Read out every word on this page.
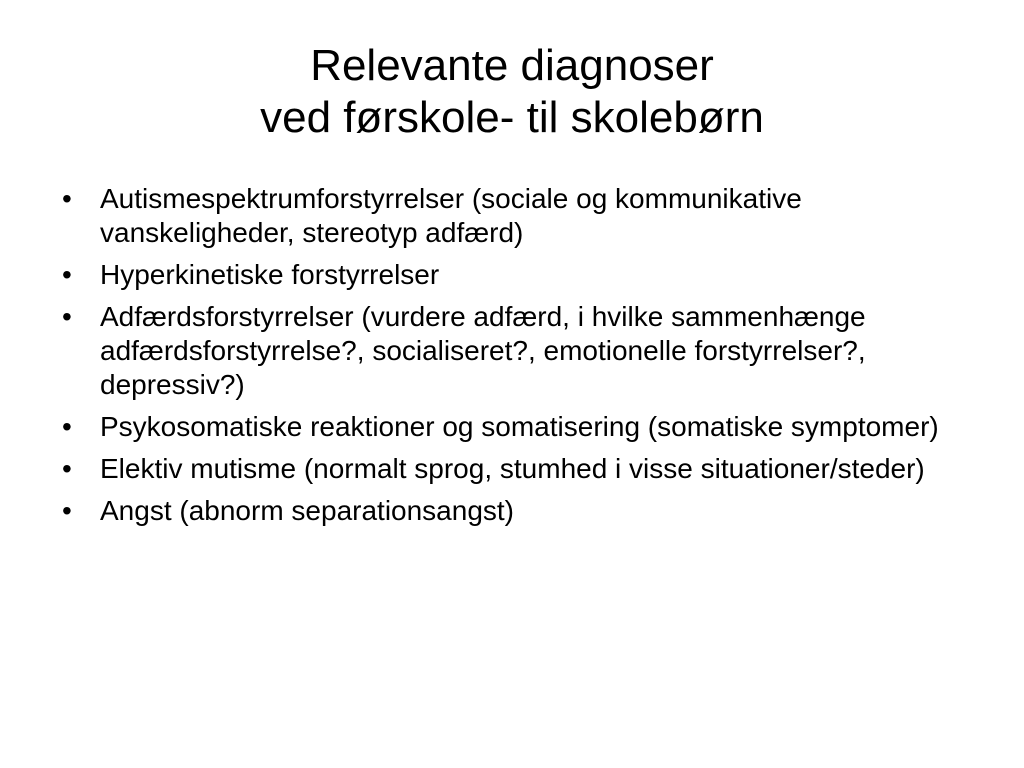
Relevante diagnoser
ved førskole- til skolebørn
• Autismespektrumforstyrrelser (sociale og kommunikative vanskeligheder, stereotyp adfærd)
• Hyperkinetiske forstyrrelser
• Adfærdsforstyrrelser (vurdere adfærd, i hvilke sammenhænge adfærdsforstyrrelse?, socialiseret?, emotionelle forstyrrelser?, depressiv?)
• Psykosomatiske reaktioner og somatisering (somatiske symptomer)
• Elektiv mutisme (normalt sprog, stumhed i visse situationer/steder)
• Angst (abnorm separationsangst)
